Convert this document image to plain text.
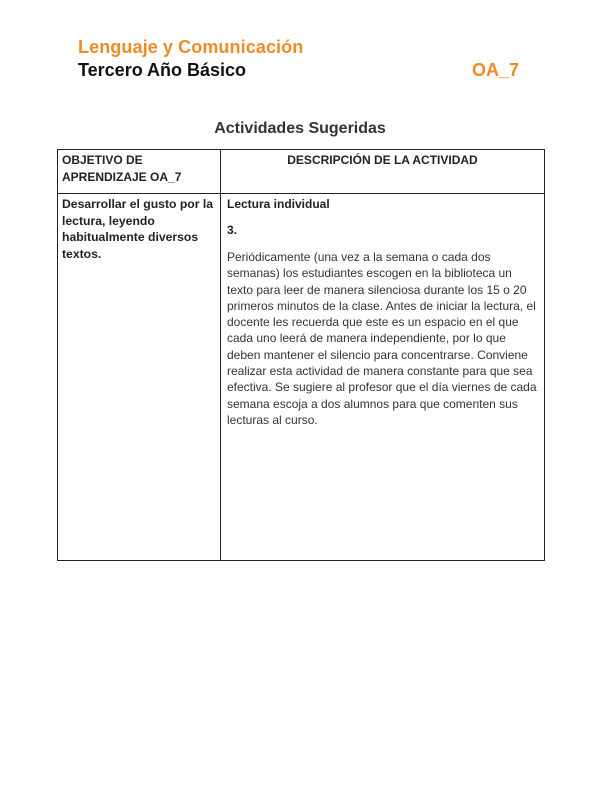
Lenguaje y Comunicación
Tercero Año Básico	OA_7
Actividades Sugeridas
OBJETIVO DE APRENDIZAJE OA_7	DESCRIPCIÓN DE LA ACTIVIDAD

Desarrollar el gusto por la lectura, leyendo habitualmente diversos textos.	Lectura individual
3.
Periódicamente (una vez a la semana o cada dos semanas) los estudiantes escogen en la biblioteca un texto para leer de manera silenciosa durante los 15 o 20 primeros minutos de la clase. Antes de iniciar la lectura, el docente les recuerda que este es un espacio en el que cada uno leerá de manera independiente, por lo que deben mantener el silencio para concentrarse. Conviene realizar esta actividad de manera constante para que sea efectiva. Se sugiere al profesor que el día viernes de cada semana escoja a dos alumnos para que comenten sus lecturas al curso.
